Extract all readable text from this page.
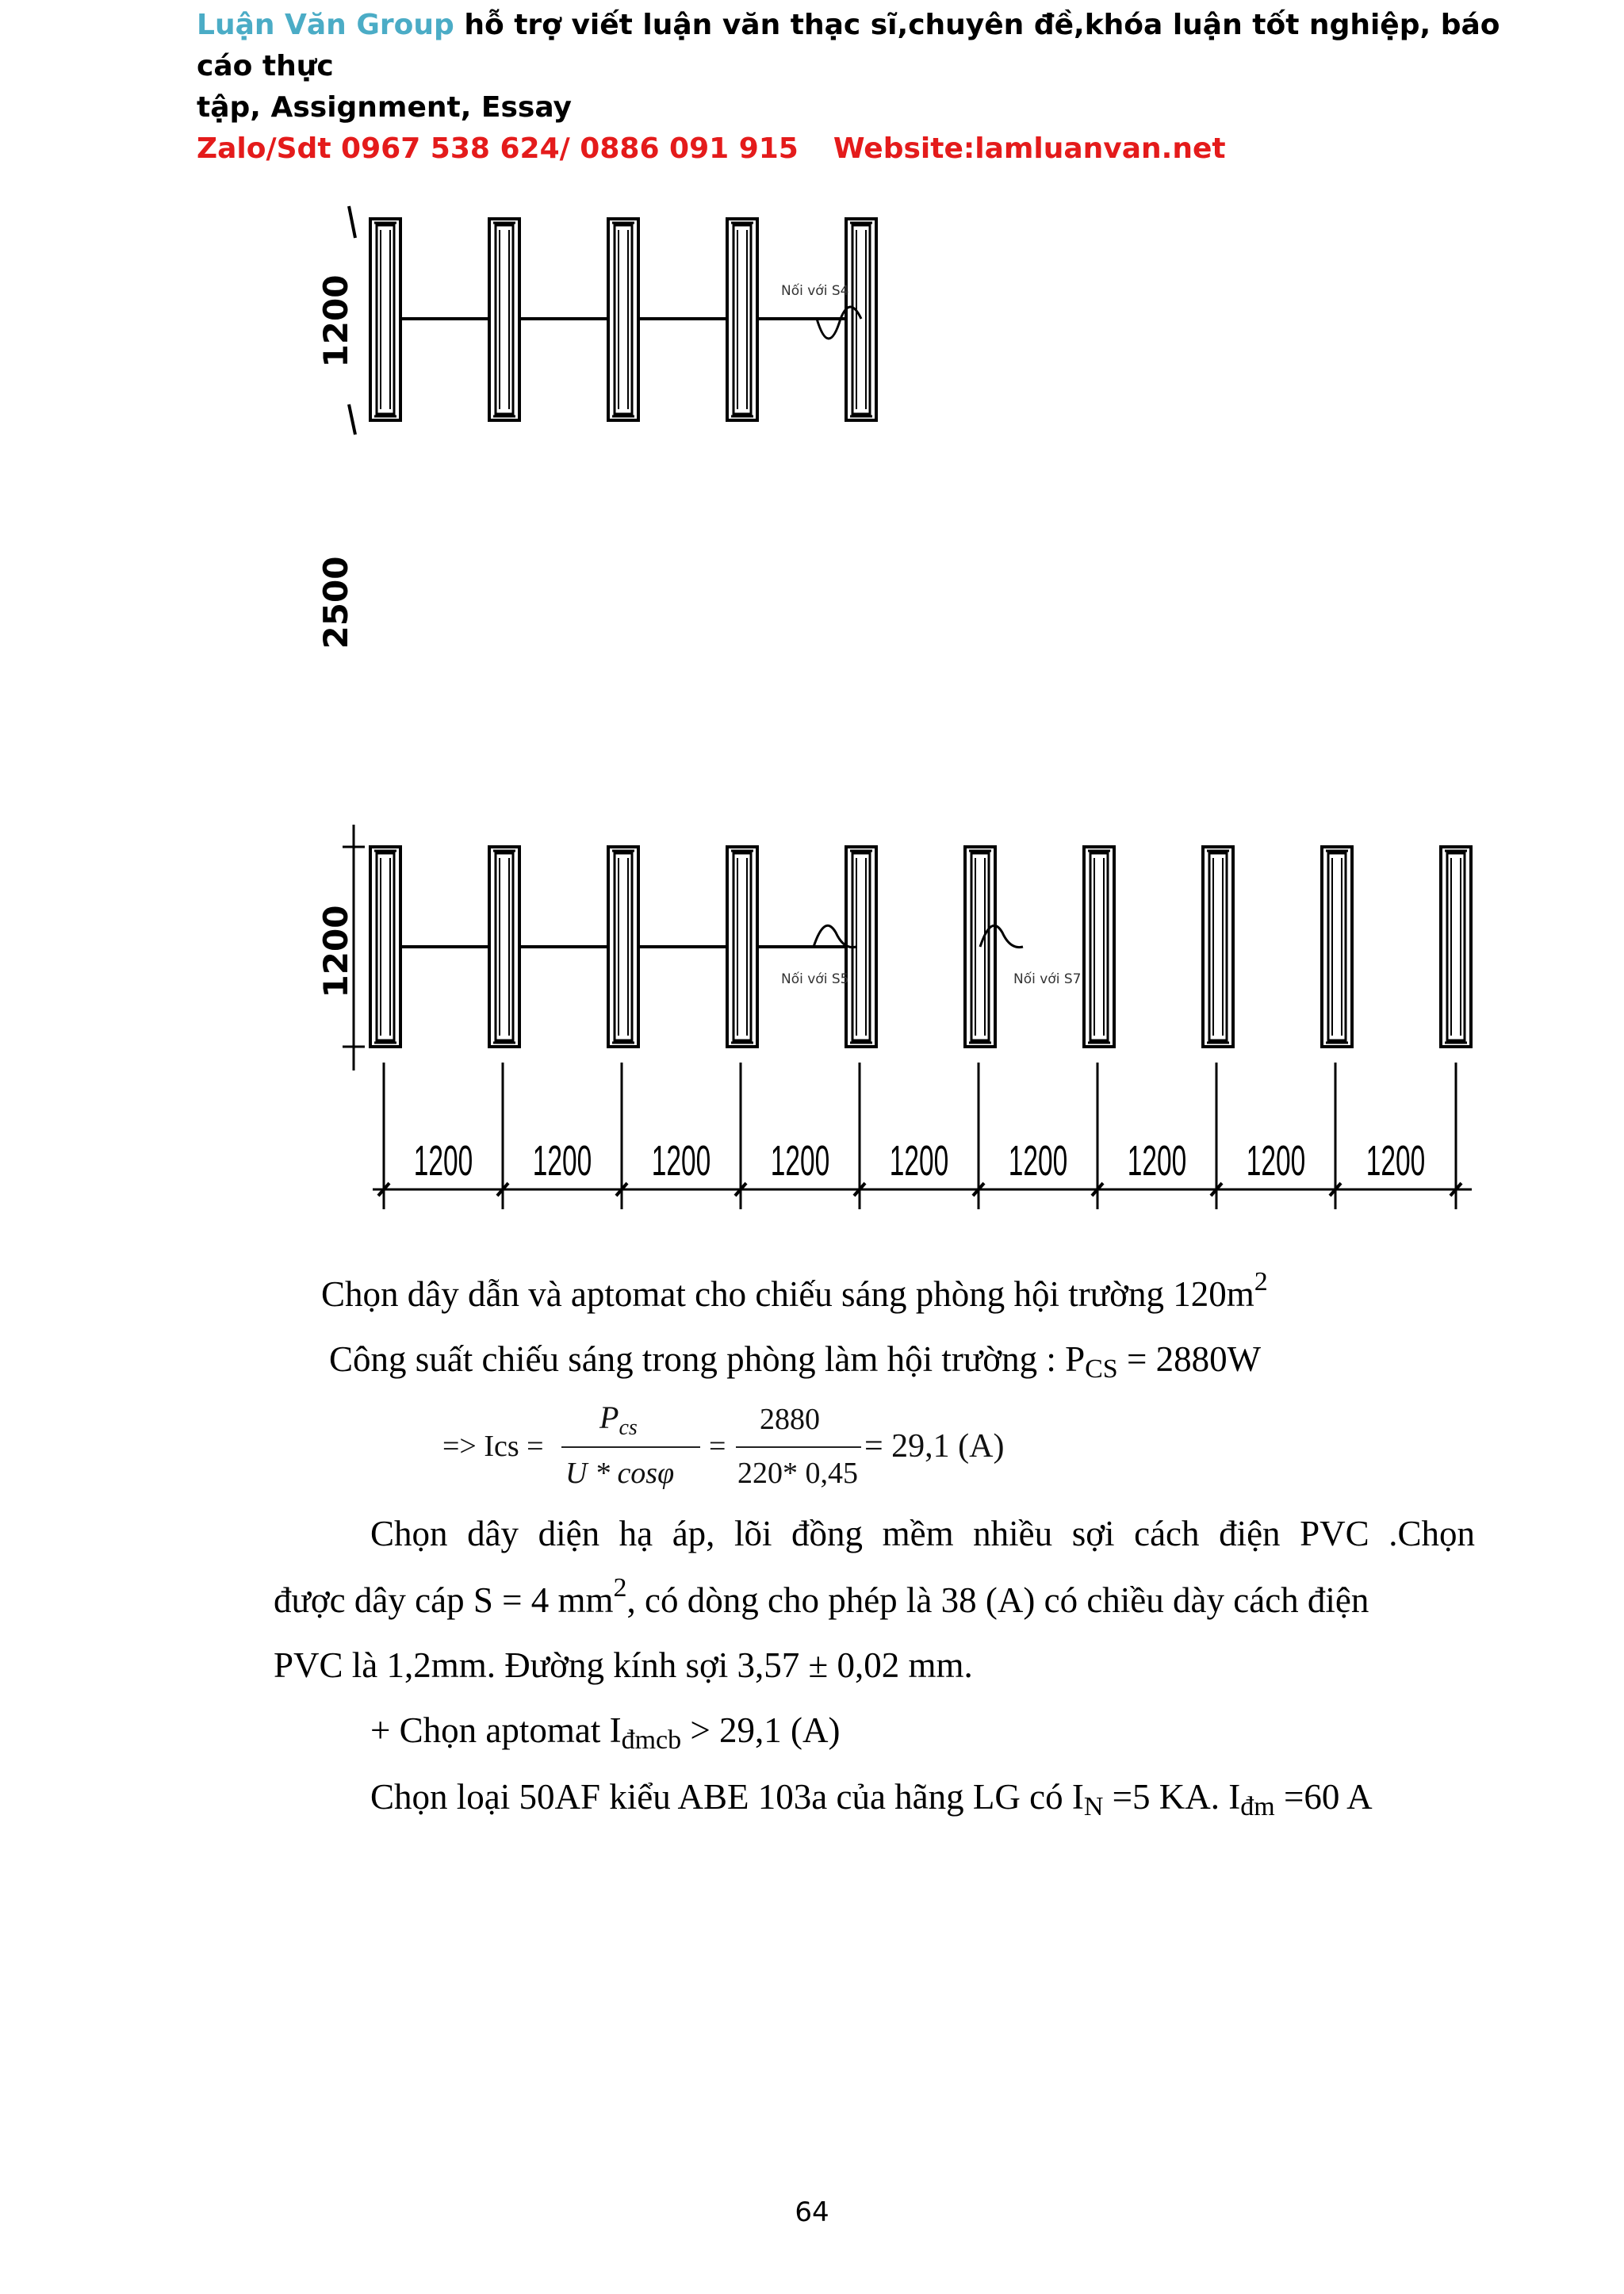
Luận Văn Group hỗ trợ viết luận văn thạc sĩ,chuyên đề,khóa luận tốt nghiệp, báo cáo thực
tập, Assignment, Essay
Zalo/Sdt 0967 538 624/ 0886 091 915 Website:lamluanvan.net
1200
2500
1200
Nối với S4
Nối với S5	Nối với S7
1200 1200 1200 1200 1200 1200 1200 1200 1200
Chọn dây dẫn và aptomat cho chiếu sáng phòng hội trường $120m^2$
Công suất chiếu sáng trong phòng làm hội trường : $P_{CS} = 2880W$
=> Ics =
$P_{cs}$
U * cosφ
=
2880
220* 0,45
= 29,1 (A)
Chọn dây diện hạ áp, lõi đồng mềm nhiều sợi cách điện PVC .Chọn
được dây cáp S = 4 $mm^2$, có dòng cho phép là 38 (A) có chiều dày cách điện
PVC là 1,2mm. Đường kính sợi 3,57 ± 0,02 mm.
+ Chọn aptomat $I_{đmcb} > 29,1$ (A)
Chọn loại 50AF kiểu ABE 103a của hãng LG có $I_N =5$ KA. $I_{đm} =60$ A
64
